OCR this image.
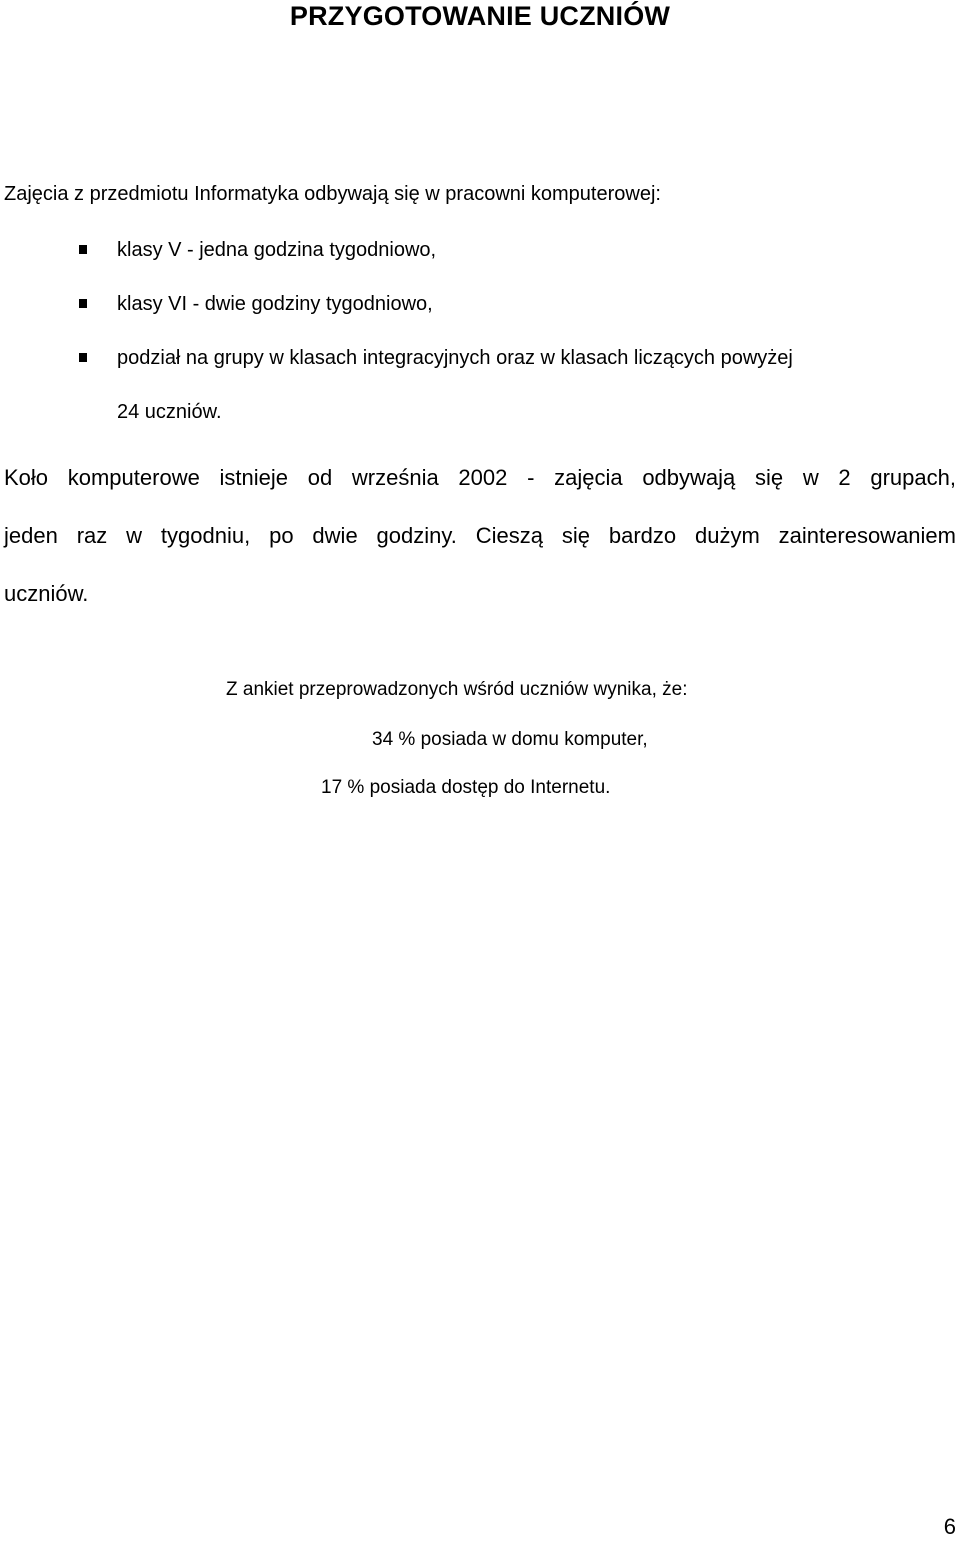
PRZYGOTOWANIE UCZNIÓW

Zajęcia z przedmiotu Informatyka odbywają się w pracowni komputerowej:

klasy V - jedna godzina tygodniowo,
klasy VI - dwie godziny tygodniowo,
podział na grupy w klasach integracyjnych oraz w klasach liczących powyżej
24 uczniów.
Koło komputerowe istnieje od września 2002 - zajęcia odbywają się w 2 grupach,
jeden raz w tygodniu, po dwie godziny. Cieszą się bardzo dużym zainteresowaniem
uczniów.
Z ankiet przeprowadzonych wśród uczniów wynika, że:
34 % posiada w domu komputer,
17 % posiada dostęp do Internetu.
6
